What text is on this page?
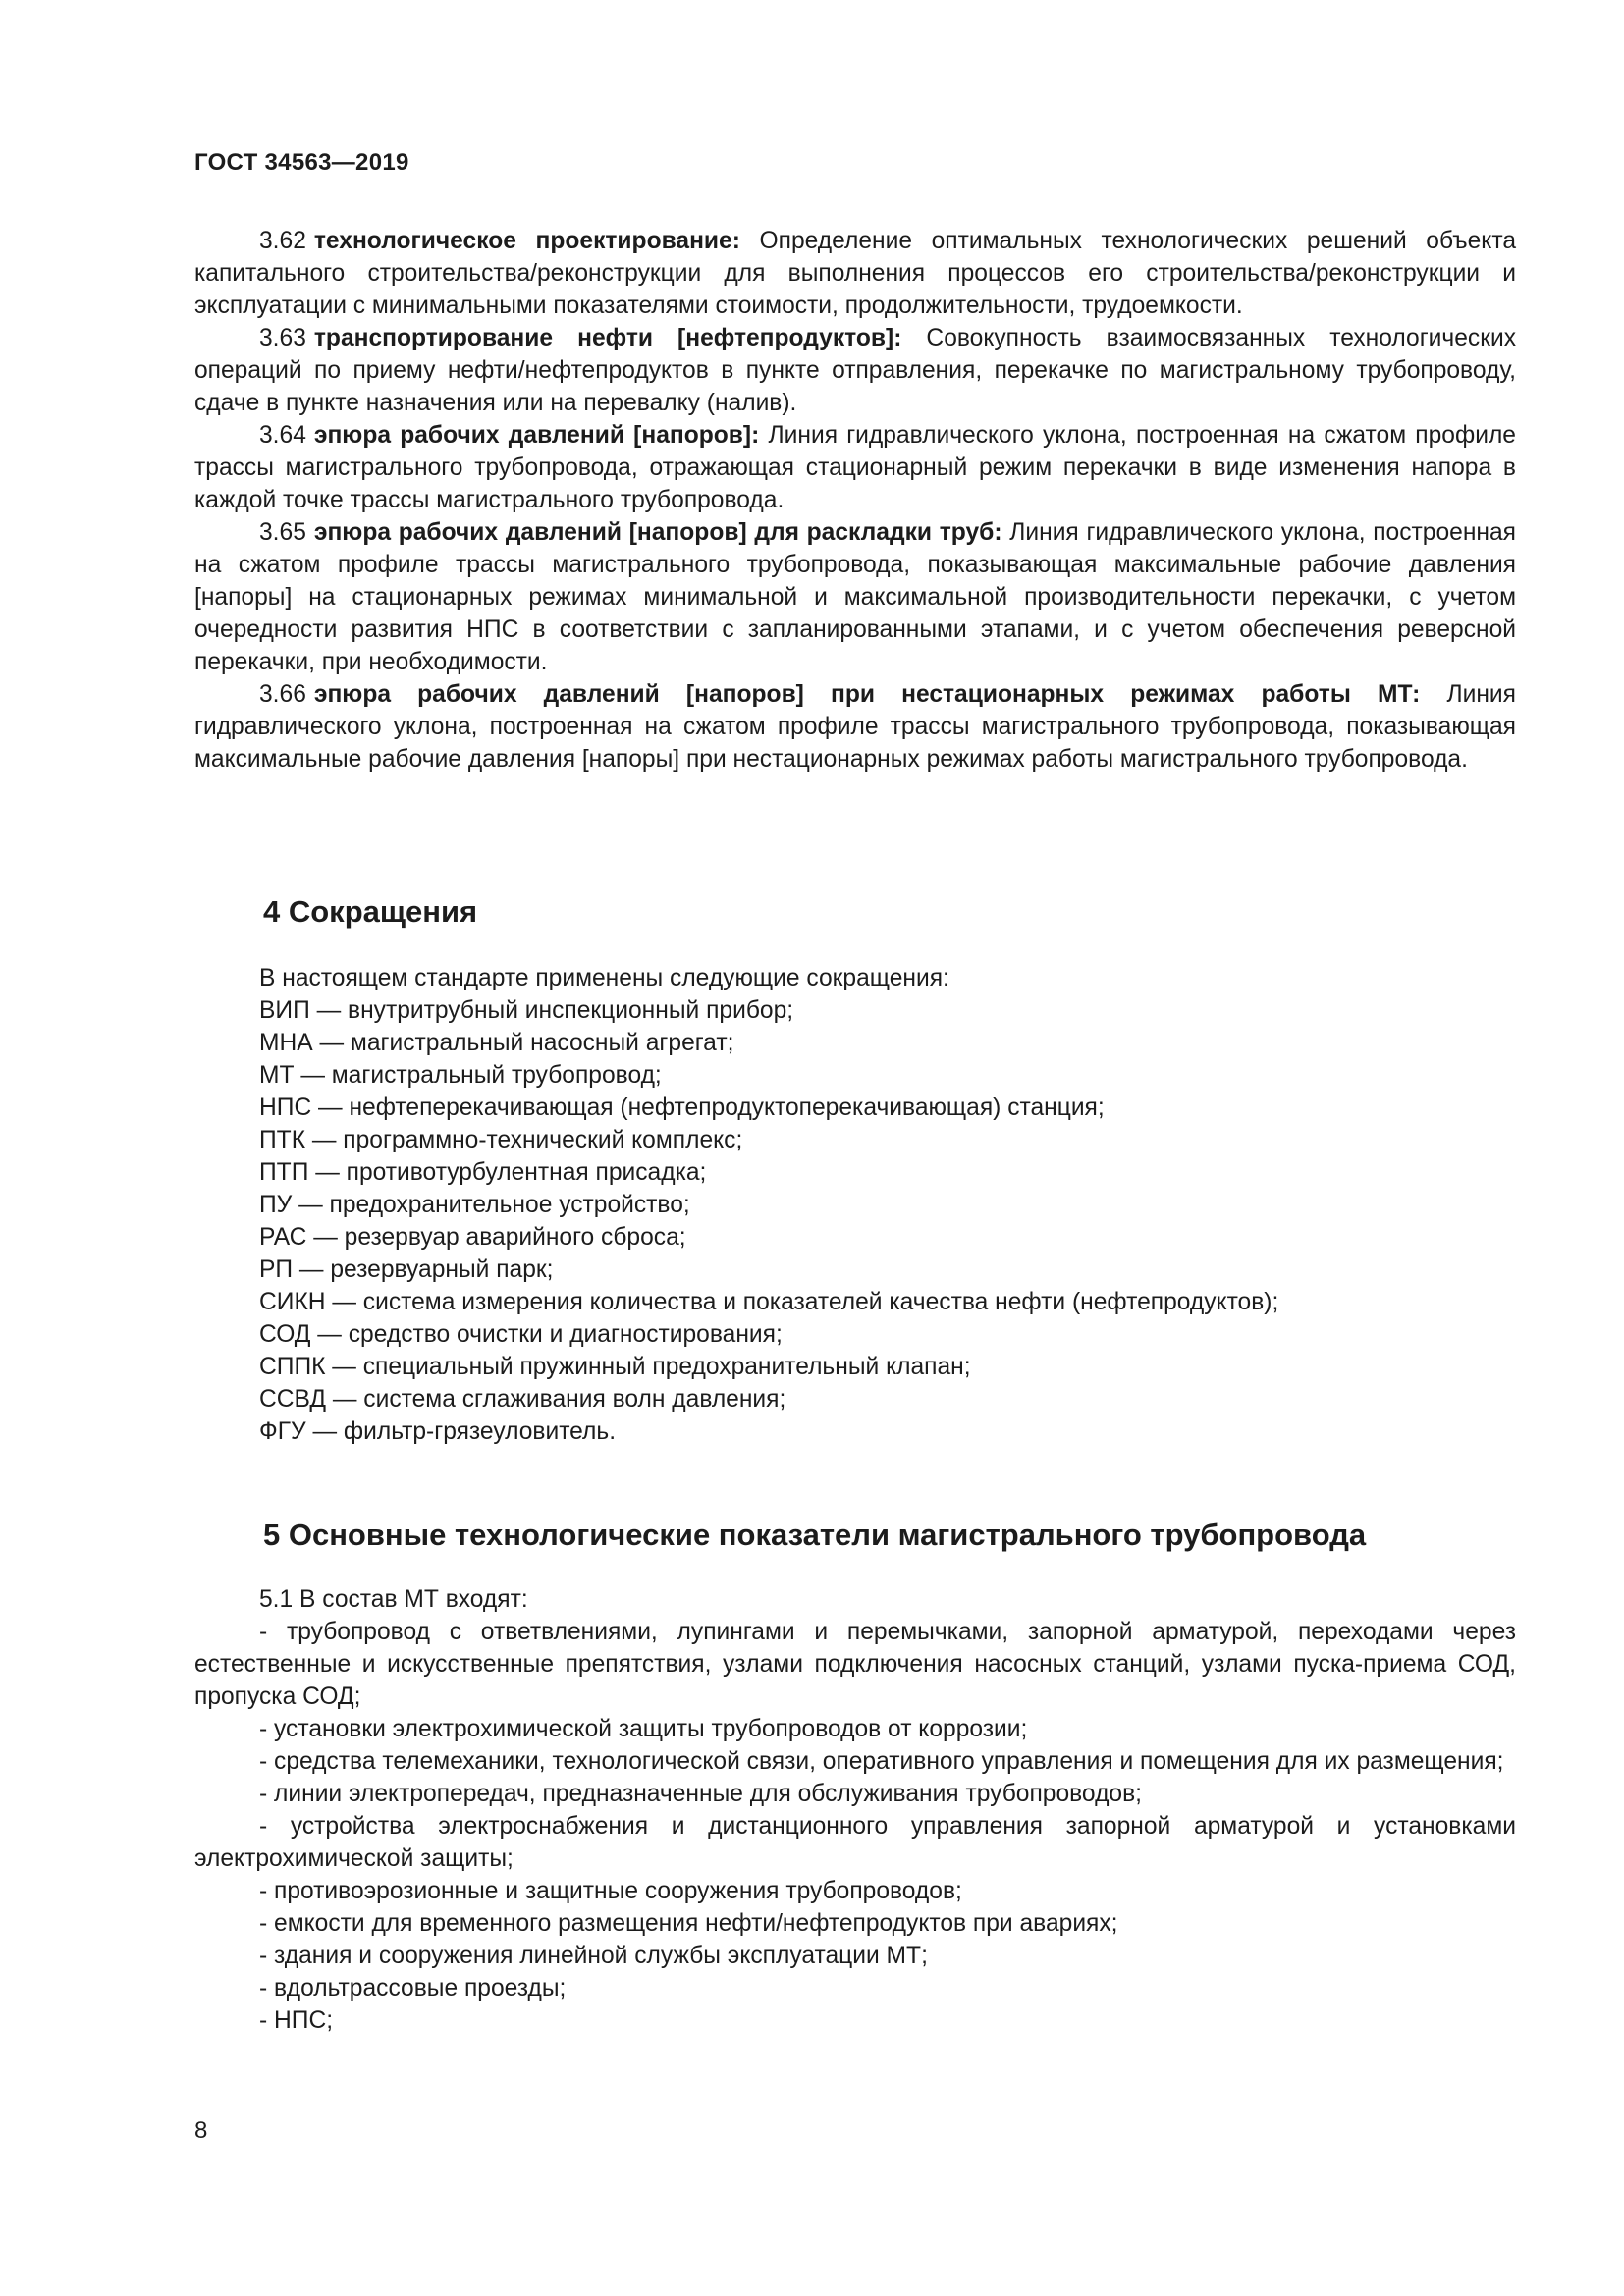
ГОСТ 34563—2019

3.62 технологическое проектирование: Определение оптимальных технологических решений объекта капитального строительства/реконструкции для выполнения процессов его строительства/реконструкции и эксплуатации с минимальными показателями стоимости, продолжительности, трудоемкости.

3.63 транспортирование нефти [нефтепродуктов]: Совокупность взаимосвязанных технологических операций по приему нефти/нефтепродуктов в пункте отправления, перекачке по магистральному трубопроводу, сдаче в пункте назначения или на перевалку (налив).

3.64 эпюра рабочих давлений [напоров]: Линия гидравлического уклона, построенная на сжатом профиле трассы магистрального трубопровода, отражающая стационарный режим перекачки в виде изменения напора в каждой точке трассы магистрального трубопровода.

3.65 эпюра рабочих давлений [напоров] для раскладки труб: Линия гидравлического уклона, построенная на сжатом профиле трассы магистрального трубопровода, показывающая максимальные рабочие давления [напоры] на стационарных режимах минимальной и максимальной производительности перекачки, с учетом очередности развития НПС в соответствии с запланированными этапами, и с учетом обеспечения реверсной перекачки, при необходимости.

3.66 эпюра рабочих давлений [напоров] при нестационарных режимах работы МТ: Линия гидравлического уклона, построенная на сжатом профиле трассы магистрального трубопровода, показывающая максимальные рабочие давления [напоры] при нестационарных режимах работы магистрального трубопровода.

4 Сокращения
В настоящем стандарте применены следующие сокращения:
ВИП — внутритрубный инспекционный прибор;
МНА — магистральный насосный агрегат;
МТ — магистральный трубопровод;
НПС — нефтеперекачивающая (нефтепродуктоперекачивающая) станция;
ПТК — программно-технический комплекс;
ПТП — противотурбулентная присадка;
ПУ — предохранительное устройство;
РАС — резервуар аварийного сброса;
РП — резервуарный парк;
СИКН — система измерения количества и показателей качества нефти (нефтепродуктов);
СОД — средство очистки и диагностирования;
СППК — специальный пружинный предохранительный клапан;
ССВД — система сглаживания волн давления;
ФГУ — фильтр-грязеуловитель.
5 Основные технологические показатели магистрального трубопровода

5.1 В состав МТ входят:

- трубопровод с ответвлениями, лупингами и перемычками, запорной арматурой, переходами через естественные и искусственные препятствия, узлами подключения насосных станций, узлами пуска-приема СОД, пропуска СОД;

- установки электрохимической защиты трубопроводов от коррозии;

- средства телемеханики, технологической связи, оперативного управления и помещения для их размещения;

- линии электропередач, предназначенные для обслуживания трубопроводов;

- устройства электроснабжения и дистанционного управления запорной арматурой и установками электрохимической защиты;

- противоэрозионные и защитные сооружения трубопроводов;

- емкости для временного размещения нефти/нефтепродуктов при авариях;

- здания и сооружения линейной службы эксплуатации МТ;

- вдольтрассовые проезды;

- НПС;

8
